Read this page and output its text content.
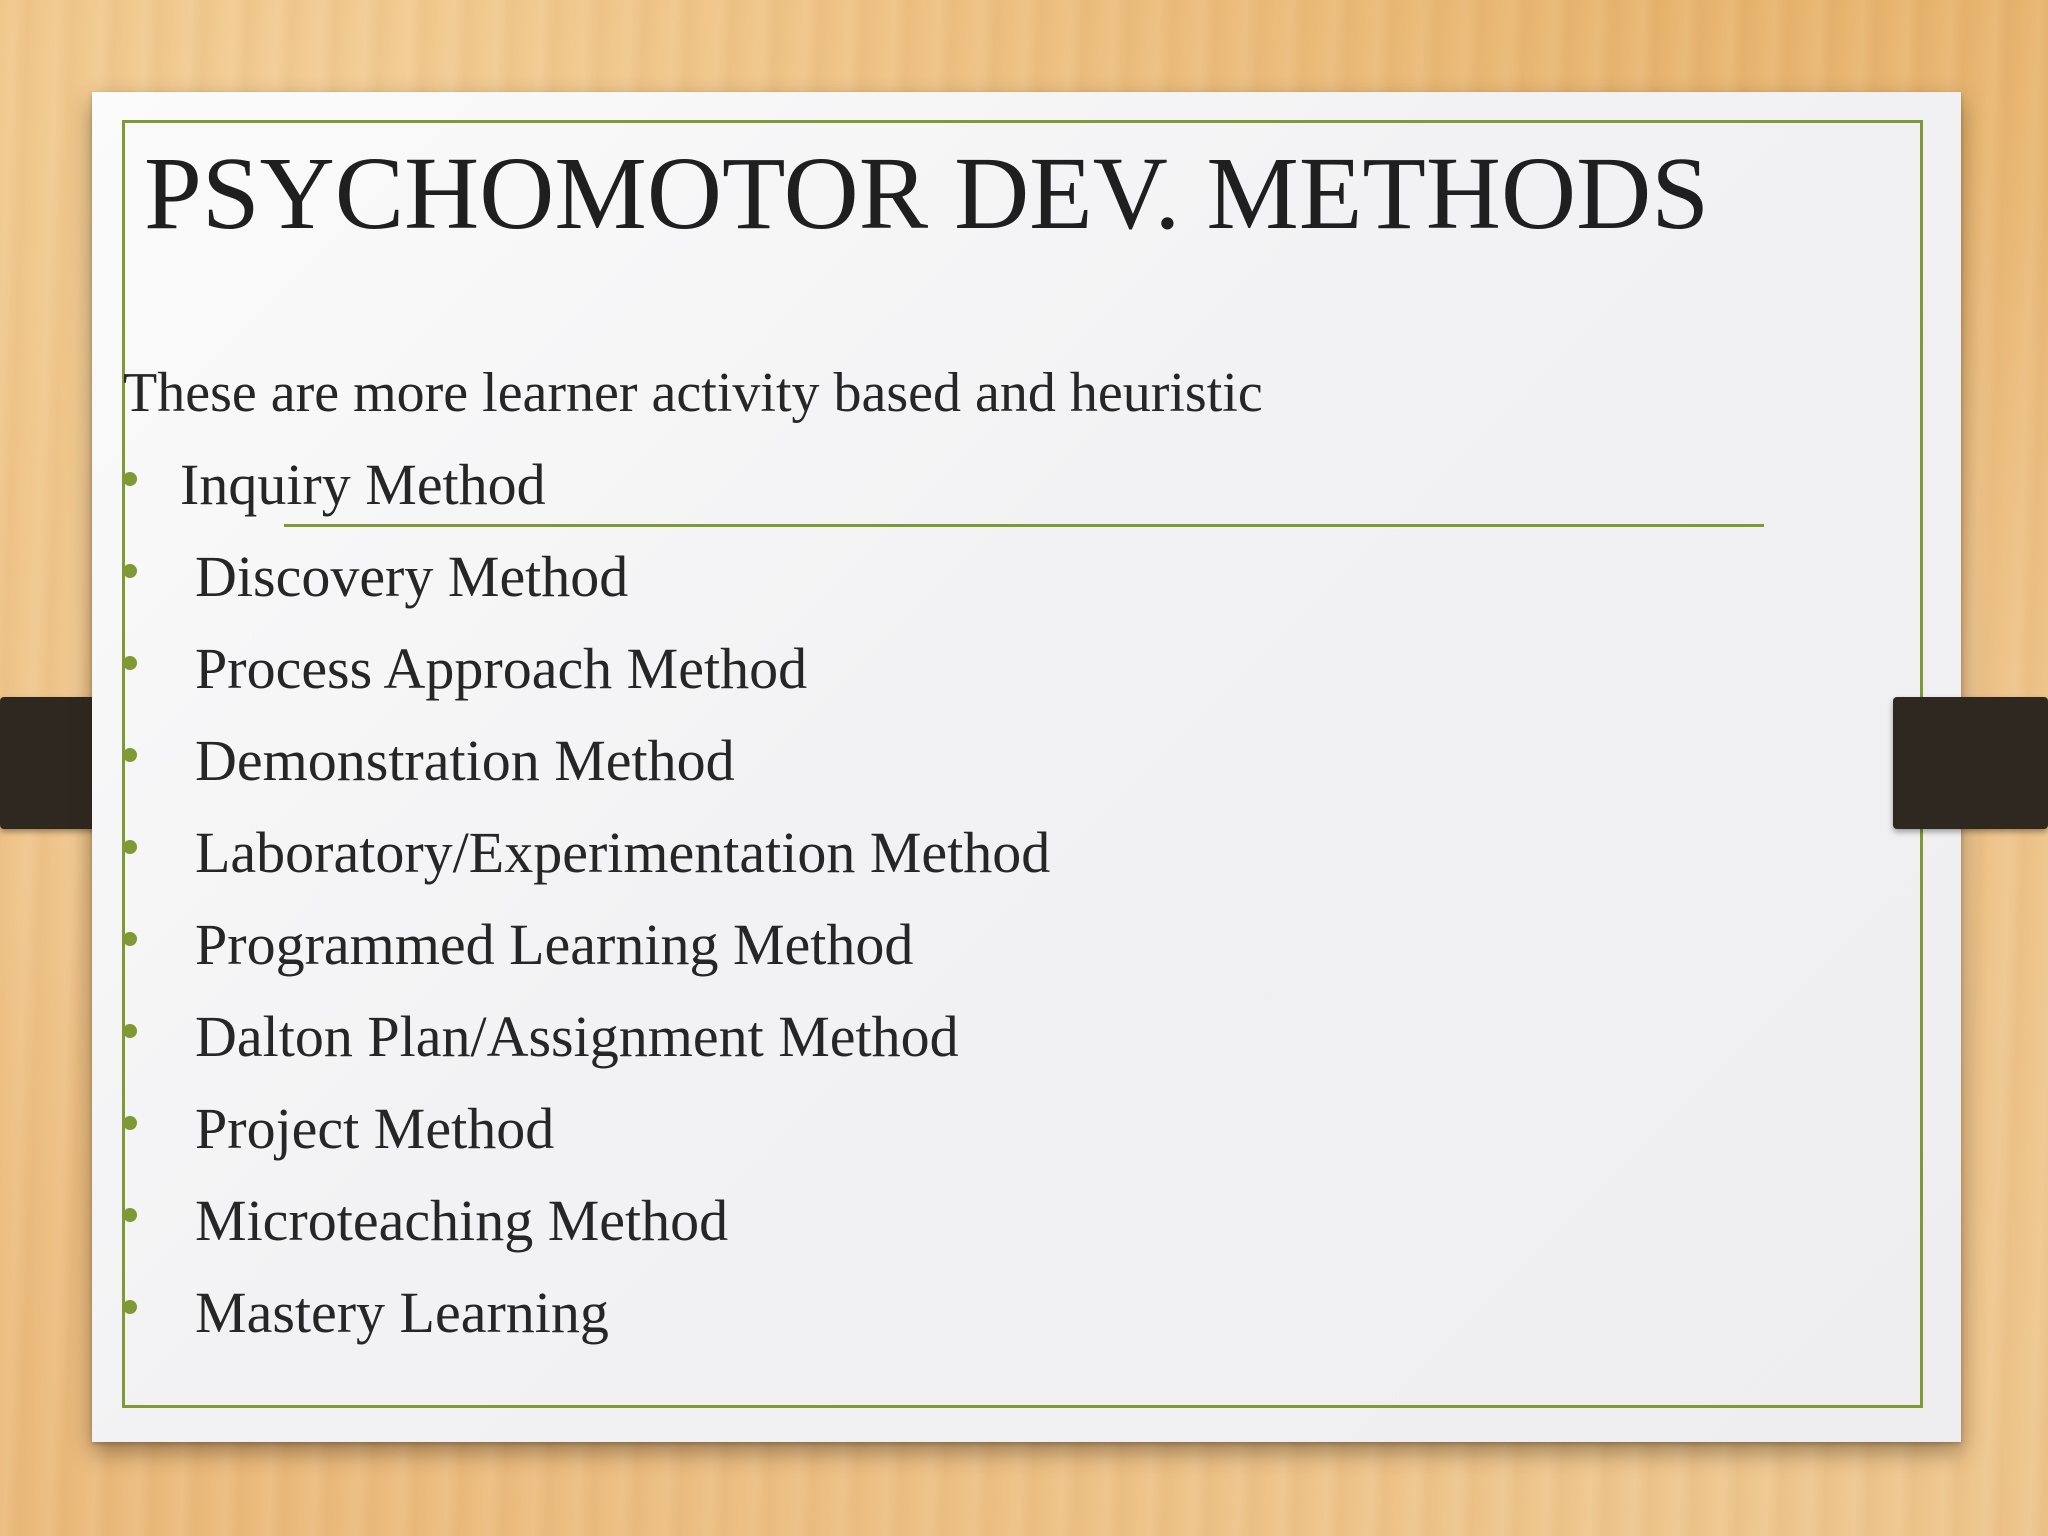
PSYCHOMOTOR DEV. METHODS
These are more learner activity based and heuristic
Inquiry Method
Discovery Method
Process Approach Method
Demonstration Method
Laboratory/Experimentation Method
Programmed Learning Method
Dalton Plan/Assignment Method
Project Method
Microteaching Method
Mastery Learning
